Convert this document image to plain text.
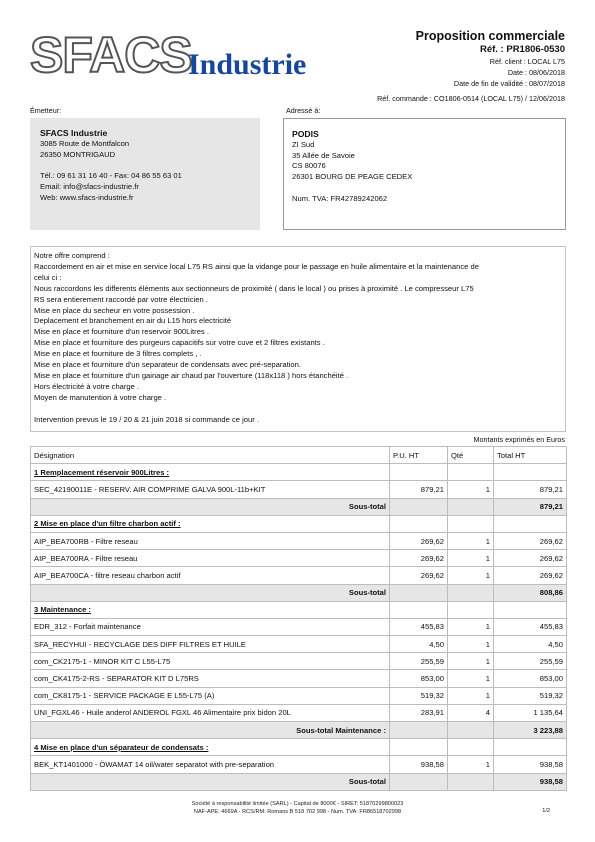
SFACS
Industrie
Proposition commerciale
Réf. : PR1806-0530
Réf. client : LOCAL L75
Date : 08/06/2018
Date de fin de validité : 08/07/2018
Réf. commande : CO1806-0514 (LOCAL L75) / 12/06/2018
Émetteur:
SFACS Industrie
3085 Route de Montfalcon
26350 MONTRIGAUD
Tél.: 09 61 31 16 40 - Fax: 04 86 55 63 01
Email: info@sfacs-industrie.fr
Web: www.sfacs-industrie.fr
Adressé à:
PODIS
ZI Sud
35 Allée de Savoie
CS 80076
26301 BOURG DE PEAGE CEDEX
Num. TVA: FR42789242062

Notre offre comprend :

Raccordement en air et mise en service local L75 RS ainsi que la vidange pour le passage en huile alimentaire et la maintenance de

celui ci :

Nous raccordons les differents éléments aux sectionneurs de proximité ( dans le local ) ou prises à proximité . Le compresseur L75

RS sera entierement raccordé par votre électricien .

Mise en place du secheur en votre possession .

Deplacement et branchement en air du L15 hors electricité

Mise en place et fourniture d'un reservoir 900Litres .

Mise en place et fourniture des purgeurs capacitifs sur votre cuve et 2 filtres existants .

Mise en place et fourniture de 3 filtres complets , .

Mise en place et fourniture d'un separateur de condensats avec pré-separation.

Mise en place et fourniture d'un gainage air chaud par l'ouverture (118x118 ) hors étanchéité .

Hors électricité à votre charge .

Moyen de manutention à votre charge .

Intervention prevus le 19 / 20 & 21 juin 2018 si commande ce jour .

Montants exprimés en Euros
Désignation	P.U. HT	Qté	Total HT
1 Remplacement réservoir 900Litres :			
SEC_42190011E - RESERV. AIR COMPRIME GALVA 900L-11b+KIT	879,21	1	879,21
Sous-total			879,21
2 Mise en place d'un filtre charbon actif :			
AIP_BEA700RB - Filtre reseau	269,62	1	269,62
AIP_BEA700RA - Filtre reseau	269,62	1	269,62
AIP_BEA700CA - filtre reseau charbon actif	269,62	1	269,62
Sous-total			808,86
3 Maintenance :			
EDR_312 - Forfait maintenance	455,83	1	455,83
SFA_RECYHUI - RECYCLAGE DES DIFF FILTRES ET HUILE	4,50	1	4,50
com_CK2175-1 - MINOR KIT C L55-L75	255,59	1	255,59
com_CK4175-2-RS - SEPARATOR KIT D L75RS	853,00	1	853,00
com_CK8175-1 - SERVICE PACKAGE E L55-L75 (A)	519,32	1	519,32
UNI_FGXL46 - Huile anderol ANDEROL FGXL 46 Alimentaire prix bidon 20L	283,91	4	1 135,64
Sous-total Maintenance :			3 223,88
4 Mise en place d'un séparateur de condensats :			
BEK_KT1401000 - ÖWAMAT 14 oil/water separatot with pre-separation	938,58	1	938,58
Sous-total			938,58
Société à responsabilité limitée (SARL) - Capital de 8000€ - SIRET: 51870299800023
NAF-APE: 4669A - RCS/RM: Romans B 518 702 998 - Num. TVA: FR86518702998	1/2
